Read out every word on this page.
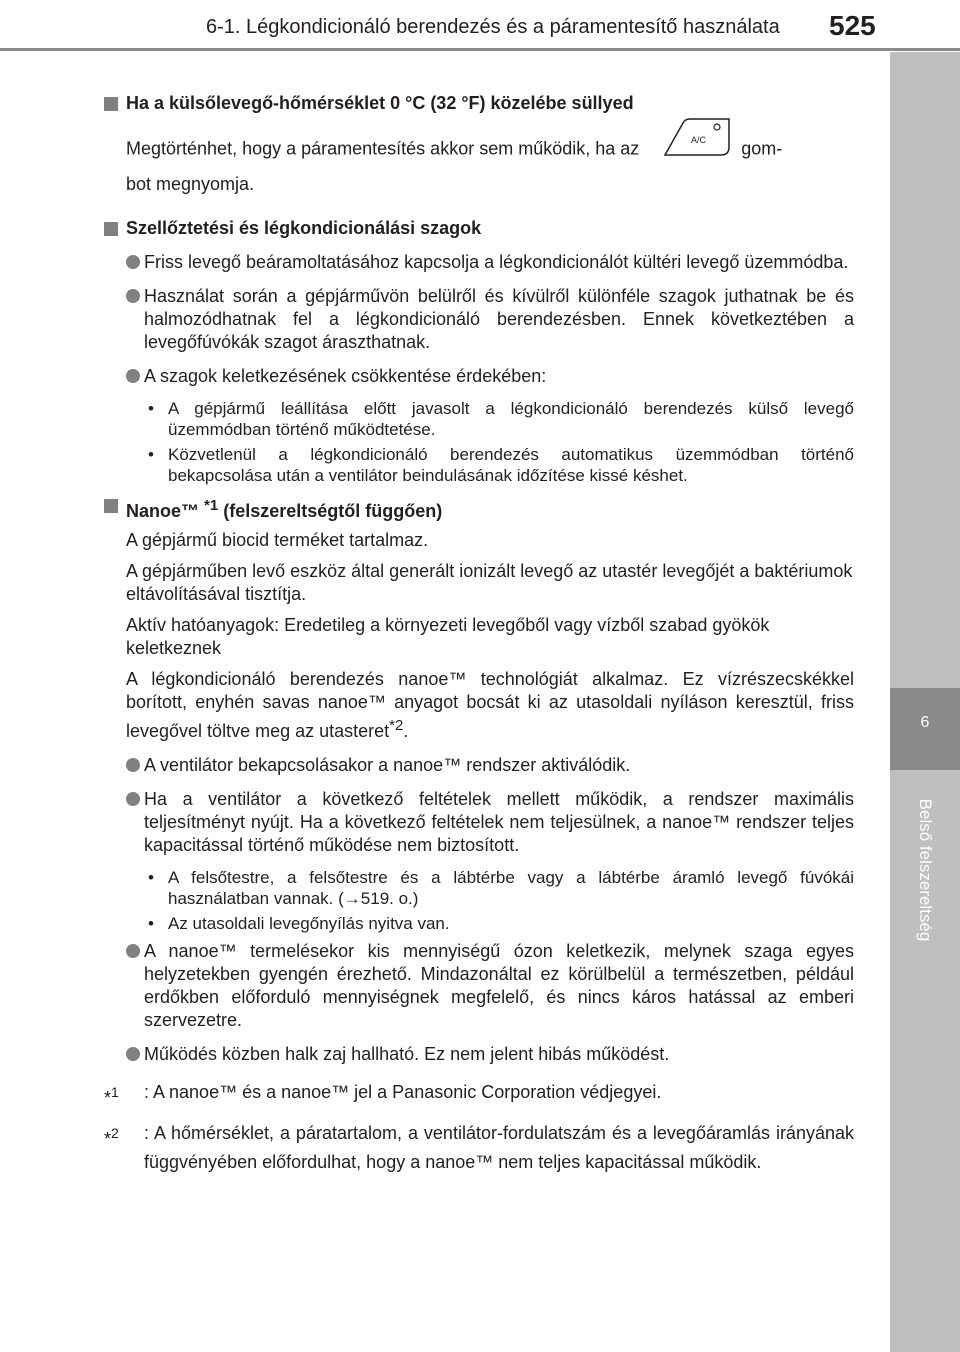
6-1. Légkondicionáló berendezés és a páramentesítő használata 525
6
Belső felszereltség
Ha a külsőlevegő-hőmérséklet 0 °C (32 °F) közelébe süllyed
Megtörténhet, hogy a páramentesítés akkor sem működik, ha az	A/C gom-
bot megnyomja.
Szellőztetési és légkondicionálási szagok
Friss levegő beáramoltatásához kapcsolja a légkondicionálót kültéri levegő üzemmódba.
Használat során a gépjárművön belülről és kívülről különféle szagok juthatnak be és halmozódhatnak fel a légkondicionáló berendezésben. Ennek következtében a levegőfúvókák szagot áraszthatnak.
A szagok keletkezésének csökkentése érdekében:
• A gépjármű leállítása előtt javasolt a légkondicionáló berendezés külső levegő üzemmódban történő működtetése.
• Közvetlenül a légkondicionáló berendezés automatikus üzemmódban történő bekapcsolása után a ventilátor beindulásának időzítése kissé késhet.
Nanoe™ $^{*1}$ (felszereltségtől függően)
A gépjármű biocid terméket tartalmaz.
A gépjárműben levő eszköz által generált ionizált levegő az utastér levegőjét a baktériumok eltávolításával tisztítja.
Aktív hatóanyagok: Eredetileg a környezeti levegőből vagy vízből szabad gyökök keletkeznek
A légkondicionáló berendezés nanoe™ technológiát alkalmaz. Ez vízrészecskékkel borított, enyhén savas nanoe™ anyagot bocsát ki az utasoldali nyíláson keresztül, friss levegővel töltve meg az utasteret$^{*2}$.
A ventilátor bekapcsolásakor a nanoe™ rendszer aktiválódik.
Ha a ventilátor a következő feltételek mellett működik, a rendszer maximális teljesítményt nyújt. Ha a következő feltételek nem teljesülnek, a nanoe™ rendszer teljes kapacitással történő működése nem biztosított.
• A felsőtestre, a felsőtestre és a lábtérbe vagy a lábtérbe áramló levegő fúvókái használatban vannak. (→519. o.)
• Az utasoldali levegőnyílás nyitva van.
A nanoe™ termelésekor kis mennyiségű ózon keletkezik, melynek szaga egyes helyzetekben gyengén érezhető. Mindazonáltal ez körülbelül a természetben, például erdőkben előforduló mennyiségnek megfelelő, és nincs káros hatással az emberi szervezetre.
Működés közben halk zaj hallható. Ez nem jelent hibás működést.
*$^1$ : A nanoe™ és a nanoe™ jel a Panasonic Corporation védjegyei.
*$^2$ : A hőmérséklet, a páratartalom, a ventilátor-fordulatszám és a levegőáramlás irányának függvényében előfordulhat, hogy a nanoe™ nem teljes kapacitással működik.
